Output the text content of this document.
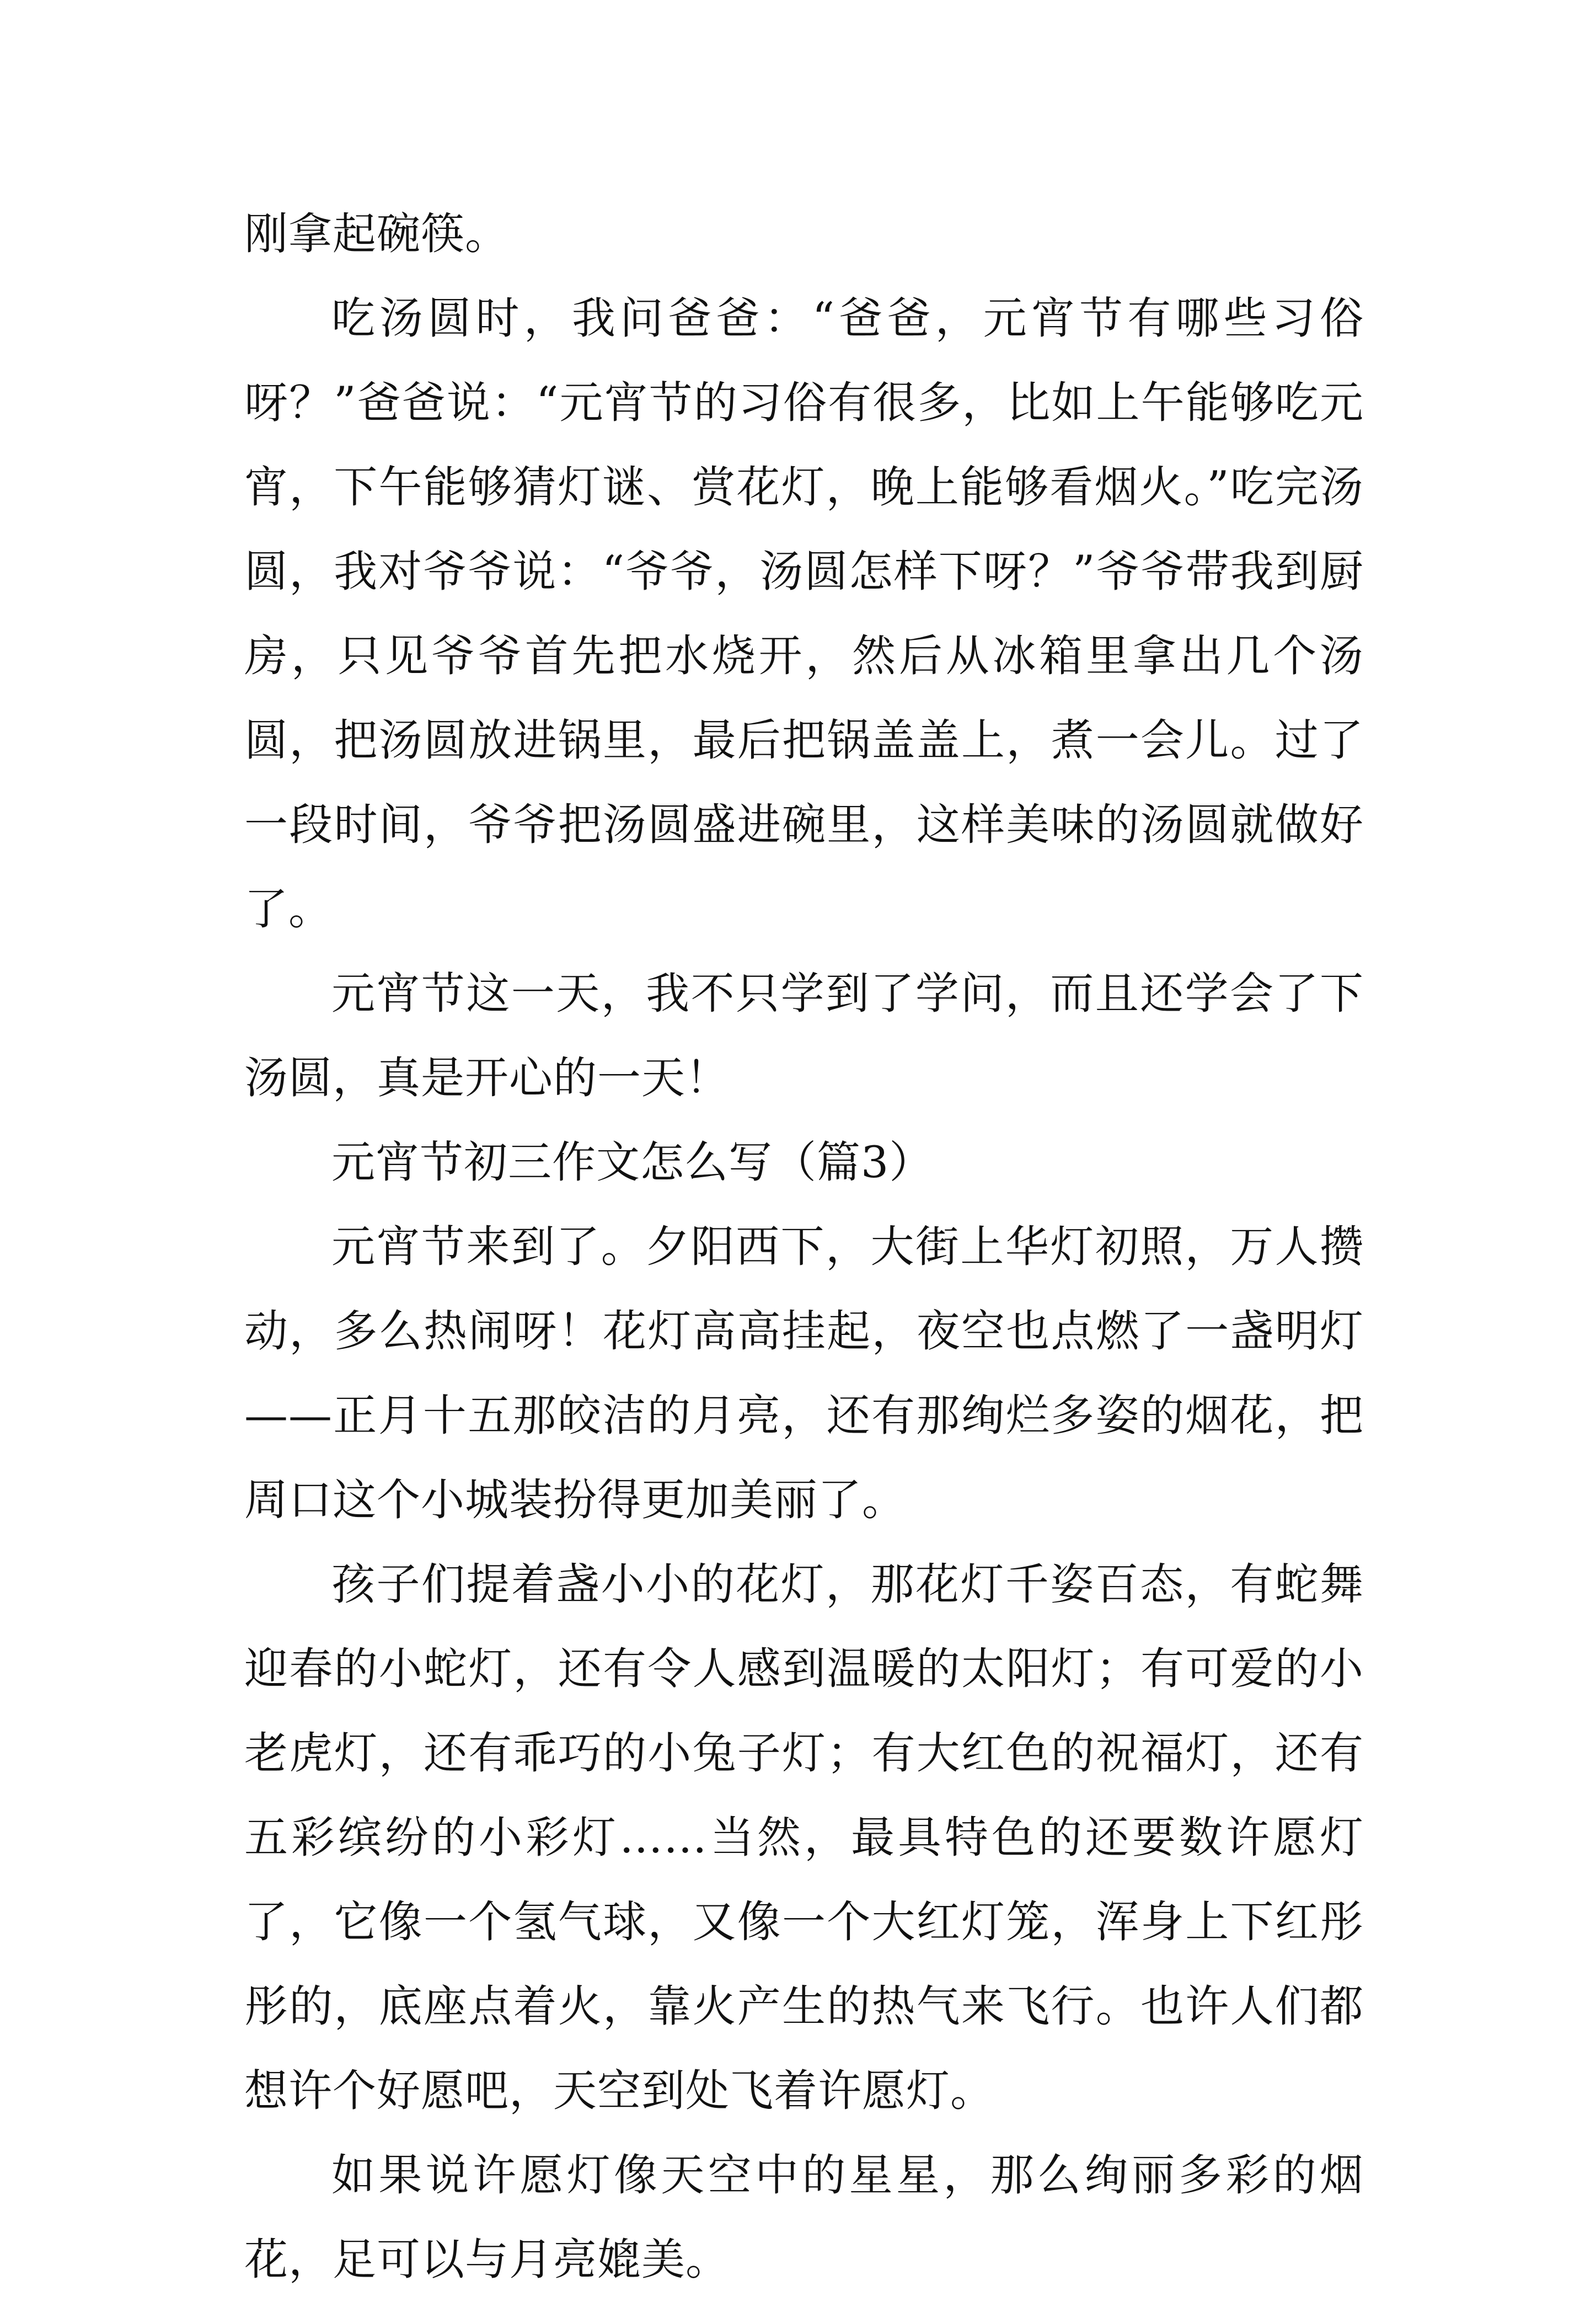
刚拿起碗筷。

吃汤圆时，我问爸爸：“爸爸，元宵节有哪些习俗呀？”爸爸说：“元宵节的习俗有很多，比如上午能够吃元宵，下午能够猜灯谜、赏花灯，晚上能够看烟火。”吃完汤圆，我对爷爷说：“爷爷，汤圆怎样下呀？”爷爷带我到厨房，只见爷爷首先把水烧开，然后从冰箱里拿出几个汤圆，把汤圆放进锅里，最后把锅盖盖上，煮一会儿。过了一段时间，爷爷把汤圆盛进碗里，这样美味的汤圆就做好了。

元宵节这一天，我不只学到了学问，而且还学会了下汤圆，真是开心的一天！

元宵节初三作文怎么写（篇3）

元宵节来到了。夕阳西下，大街上华灯初照，万人攒动，多么热闹呀！花灯高高挂起，夜空也点燃了一盏明灯——正月十五那皎洁的月亮，还有那绚烂多姿的烟花，把周口这个小城装扮得更加美丽了。

孩子们提着盏小小的花灯，那花灯千姿百态，有蛇舞迎春的小蛇灯，还有令人感到温暖的太阳灯；有可爱的小老虎灯，还有乖巧的小兔子灯；有大红色的祝福灯，还有五彩缤纷的小彩灯……当然，最具特色的还要数许愿灯了，它像一个氢气球，又像一个大红灯笼，浑身上下红彤彤的，底座点着火，靠火产生的热气来飞行。也许人们都想许个好愿吧，天空到处飞着许愿灯。

如果说许愿灯像天空中的星星，那么绚丽多彩的烟花，足可以与月亮媲美。
